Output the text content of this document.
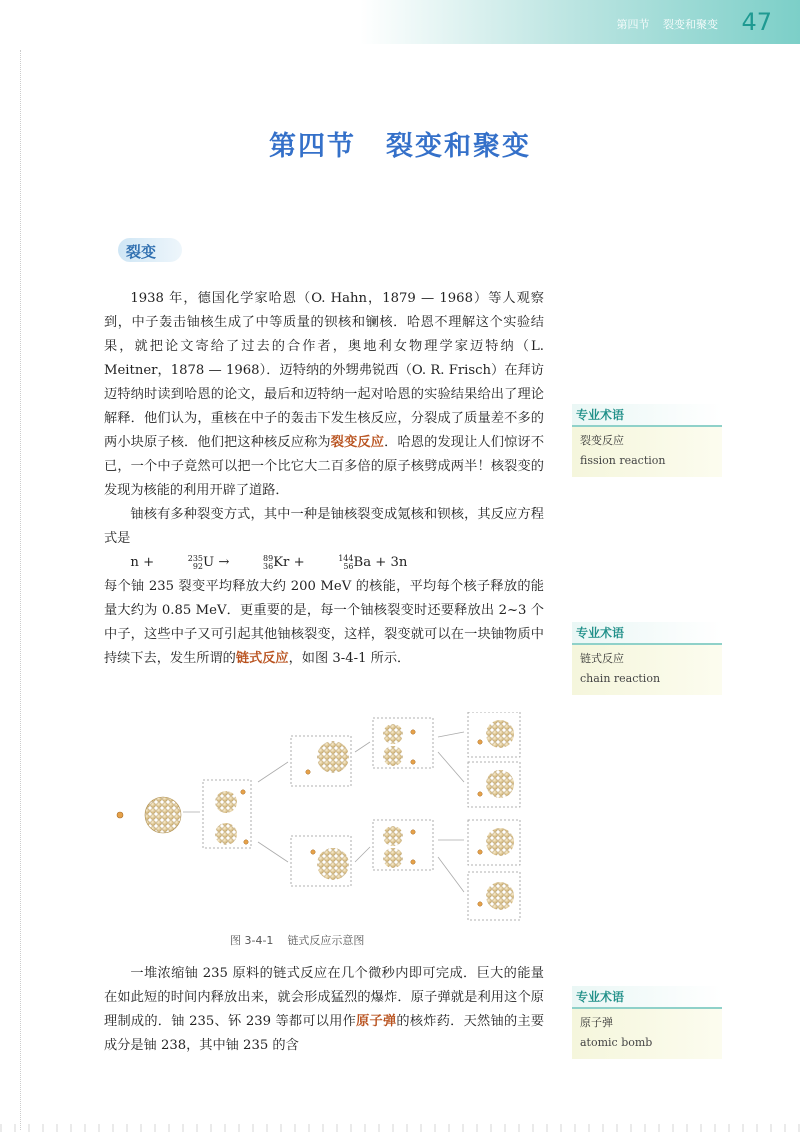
第四节 裂变和聚变 47
第四节 裂变和聚变
裂变

1938 年，德国化学家哈恩（O. Hahn，1879 — 1968）等人观察到，中子轰击铀核生成了中等质量的钡核和镧核．哈恩不理解这个实验结果，就把论文寄给了过去的合作者，奥地利女物理学家迈特纳（L. Meitner，1878 — 1968）．迈特纳的外甥弗锐西（O. R. Frisch）在拜访迈特纳时读到哈恩的论文，最后和迈特纳一起对哈恩的实验结果给出了理论解释．他们认为，重核在中子的轰击下发生核反应，分裂成了质量差不多的两小块原子核．他们把这种核反应称为裂变反应．哈恩的发现让人们惊讶不已，一个中子竟然可以把一个比它大二百多倍的原子核劈成两半！核裂变的发现为核能的利用开辟了道路．

铀核有多种裂变方式，其中一种是铀核裂变成氪核和钡核，其反应方程式是

n +	235
92 U →	89
36 Kr +	144
56 Ba + 3n

每个铀 235 裂变平均释放大约 200 MeV 的核能，平均每个核子释放的能量大约为 0.85 MeV．更重要的是，每一个铀核裂变时还要释放出 2~3 个中子，这些中子又可引起其他铀核裂变，这样，裂变就可以在一块铀物质中持续下去，发生所谓的链式反应，如图 3-4-1 所示．

专业术语
裂变反应
fission reaction
专业术语
链式反应
chain reaction
专业术语
原子弹
atomic bomb
图 3-4-1 链式反应示意图

一堆浓缩铀 235 原料的链式反应在几个微秒内即可完成．巨大的能量在如此短的时间内释放出来，就会形成猛烈的爆炸．原子弹就是利用这个原理制成的．铀 235、钚 239 等都可以用作原子弹的核炸药．天然铀的主要成分是铀 238，其中铀 235 的含
